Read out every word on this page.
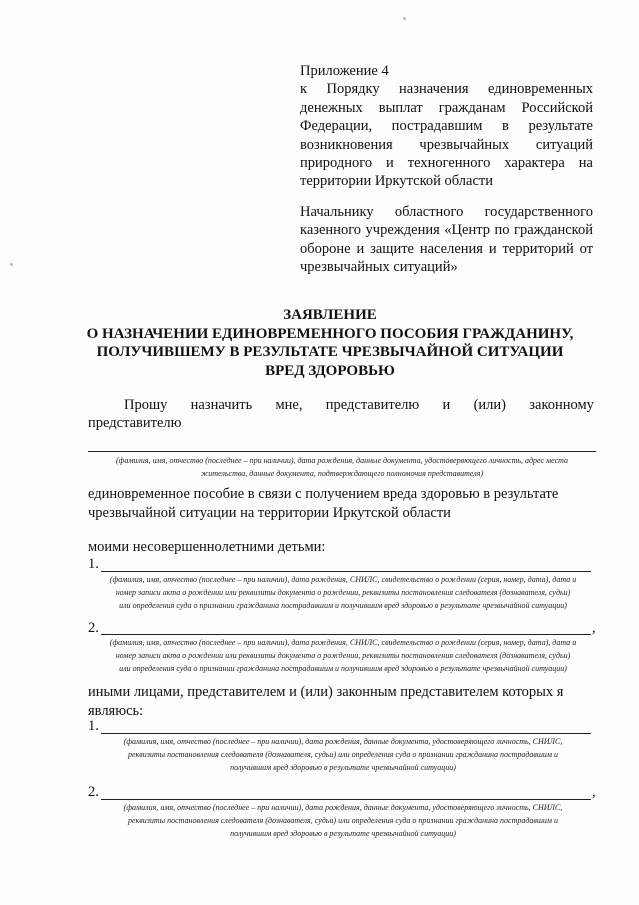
Приложение 4
к Порядку назначения единовременных денежных выплат гражданам Российской Федерации, пострадавшим в результате возникновения чрезвычайных ситуаций природного и техногенного характера на территории Иркутской области
Начальнику областного государственного казенного учреждения «Центр по гражданской обороне и защите населения и территорий от чрезвычайных ситуаций»
ЗАЯВЛЕНИЕ
О НАЗНАЧЕНИИ ЕДИНОВРЕМЕННОГО ПОСОБИЯ ГРАЖДАНИНУ,
ПОЛУЧИВШЕМУ В РЕЗУЛЬТАТЕ ЧРЕЗВЫЧАЙНОЙ СИТУАЦИИ
ВРЕД ЗДОРОВЬЮ
Прошу назначить мне, представителю и (или) законному
представителю
(фамилия, имя, отчество (последнее – при наличии), дата рождения, данные документа, удостоверяющего личность, адрес места
жительства, данные документа, подтверждающего полномочия представителя)
единовременное пособие в связи с получением вреда здоровью в результате
чрезвычайной ситуации на территории Иркутской области
моими несовершеннолетними детьми:
1.
(фамилия, имя, отчество (последнее – при наличии), дата рождения, СНИЛС, свидетельство о рождении (серия, номер, дата), дата и
номер записи акта о рождении или реквизиты документа о рождении, реквизиты постановления следователя (дознавателя, судьи)
или определения суда о признании гражданина пострадавшим и получившим вред здоровью в результате чрезвычайной ситуации)
2.	,
(фамилия, имя, отчество (последнее – при наличии), дата рождения, СНИЛС, свидетельство о рождении (серия, номер, дата), дата и
номер записи акта о рождении или реквизиты документа о рождении, реквизиты постановления следователя (дознавателя, судьи)
или определения суда о признании гражданина пострадавшим и получившим вред здоровью в результате чрезвычайной ситуации)
иными лицами, представителем и (или) законным представителем которых я
являюсь:
1.
(фамилия, имя, отчество (последнее – при наличии), дата рождения, данные документа, удостоверяющего личность, СНИЛС,
реквизиты постановления следователя (дознавателя, судьи) или определения суда о признании гражданина пострадавшим и
получившим вред здоровью в результате чрезвычайной ситуации)
2.	,
(фамилия, имя, отчество (последнее – при наличии), дата рождения, данные документа, удостоверяющего личность, СНИЛС,
реквизиты постановления следователя (дознавателя, судьи) или определения суда о признании гражданина пострадавшим и
получившим вред здоровью в результате чрезвычайной ситуации)
